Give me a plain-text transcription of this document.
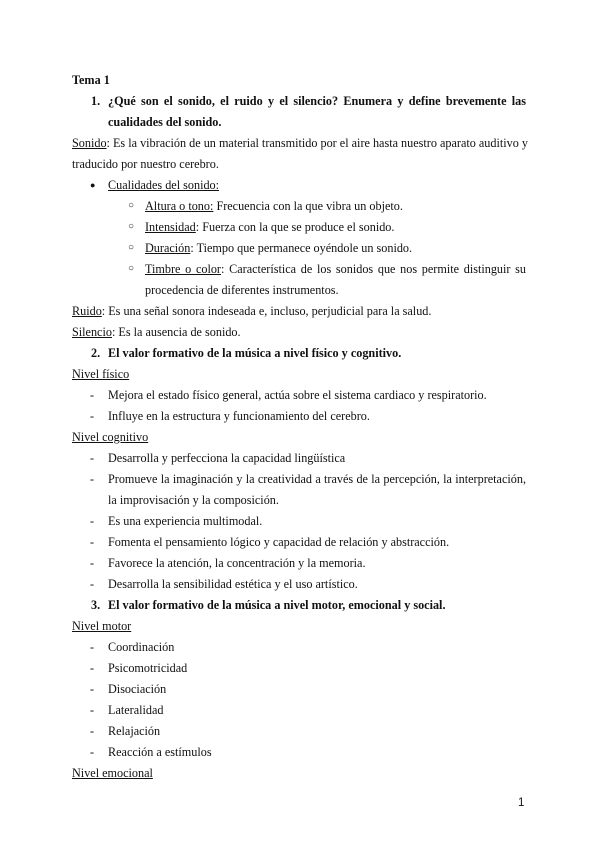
Tema 1
1. ¿Qué son el sonido, el ruido y el silencio? Enumera y define brevemente las
cualidades del sonido.
Sonido: Es la vibración de un material transmitido por el aire hasta nuestro aparato auditivo y
traducido por nuestro cerebro.
● Cualidades del sonido:
○ Altura o tono: Frecuencia con la que vibra un objeto.
○ Intensidad: Fuerza con la que se produce el sonido.
○ Duración: Tiempo que permanece oyéndole un sonido.
○ Timbre o color: Característica de los sonidos que nos permite distinguir su
procedencia de diferentes instrumentos.
Ruido: Es una señal sonora indeseada e, incluso, perjudicial para la salud.
Silencio: Es la ausencia de sonido.
2. El valor formativo de la música a nivel físico y cognitivo.
Nivel físico
- Mejora el estado físico general, actúa sobre el sistema cardiaco y respiratorio.
- Influye en la estructura y funcionamiento del cerebro.
Nivel cognitivo
- Desarrolla y perfecciona la capacidad lingüística
- Promueve la imaginación y la creatividad a través de la percepción, la interpretación,
la improvisación y la composición.
- Es una experiencia multimodal.
- Fomenta el pensamiento lógico y capacidad de relación y abstracción.
- Favorece la atención, la concentración y la memoria.
- Desarrolla la sensibilidad estética y el uso artístico.
3. El valor formativo de la música a nivel motor, emocional y social.
Nivel motor
- Coordinación
- Psicomotricidad
- Disociación
- Lateralidad
- Relajación
- Reacción a estímulos
Nivel emocional
1
